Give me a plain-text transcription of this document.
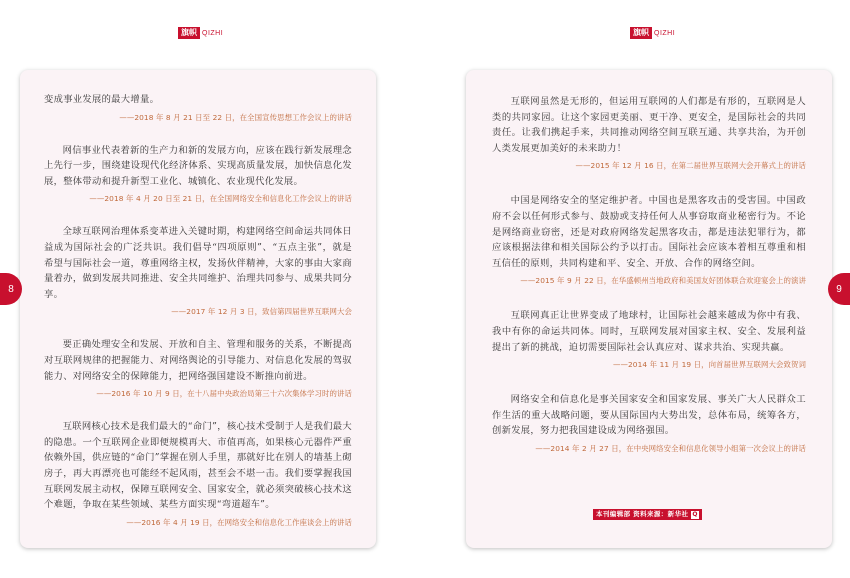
旗帜 QIZHI	旗帜 QIZHI

变成事业发展的最大增量。

——2018 年 8 月 21 日至 22 日，在全国宣传思想工作会议上的讲话

网信事业代表着新的生产力和新的发展方向，应该在践行新发展理念上先行一步，围绕建设现代化经济体系、实现高质量发展，加快信息化发展，整体带动和提升新型工业化、城镇化、农业现代化发展。

——2018 年 4 月 20 日至 21 日，在全国网络安全和信息化工作会议上的讲话

全球互联网治理体系变革进入关键时期，构建网络空间命运共同体日益成为国际社会的广泛共识。我们倡导“四项原则”、“五点主张”，就是希望与国际社会一道，尊重网络主权，发扬伙伴精神，大家的事由大家商量着办，做到发展共同推进、安全共同维护、治理共同参与、成果共同分享。

——2017 年 12 月 3 日，致信第四届世界互联网大会

要正确处理安全和发展、开放和自主、管理和服务的关系，不断提高对互联网规律的把握能力、对网络舆论的引导能力、对信息化发展的驾驭能力、对网络安全的保障能力，把网络强国建设不断推向前进。

——2016 年 10 月 9 日，在十八届中央政治局第三十六次集体学习时的讲话

互联网核心技术是我们最大的“命门”，核心技术受制于人是我们最大的隐患。一个互联网企业即便规模再大、市值再高，如果核心元器件严重依赖外国，供应链的“命门”掌握在别人手里，那就好比在别人的墙基上砌房子，再大再漂亮也可能经不起风雨，甚至会不堪一击。我们要掌握我国互联网发展主动权，保障互联网安全、国家安全，就必须突破核心技术这个难题，争取在某些领域、某些方面实现“弯道超车”。

——2016 年 4 月 19 日，在网络安全和信息化工作座谈会上的讲话

互联网虽然是无形的，但运用互联网的人们都是有形的，互联网是人类的共同家园。让这个家园更美丽、更干净、更安全，是国际社会的共同责任。让我们携起手来，共同推动网络空间互联互通、共享共治，为开创人类发展更加美好的未来助力！

——2015 年 12 月 16 日，在第二届世界互联网大会开幕式上的讲话

中国是网络安全的坚定维护者。中国也是黑客攻击的受害国。中国政府不会以任何形式参与、鼓励或支持任何人从事窃取商业秘密行为。不论是网络商业窃密，还是对政府网络发起黑客攻击，都是违法犯罪行为，都应该根据法律和相关国际公约予以打击。国际社会应该本着相互尊重和相互信任的原则，共同构建和平、安全、开放、合作的网络空间。

——2015 年 9 月 22 日，在华盛顿州当地政府和美国友好团体联合欢迎宴会上的演讲

互联网真正让世界变成了地球村，让国际社会越来越成为你中有我、我中有你的命运共同体。同时，互联网发展对国家主权、安全、发展利益提出了新的挑战，迫切需要国际社会认真应对、谋求共治、实现共赢。

——2014 年 11 月 19 日，向首届世界互联网大会致贺词

网络安全和信息化是事关国家安全和国家发展、事关广大人民群众工作生活的重大战略问题，要从国际国内大势出发，总体布局，统筹各方，创新发展，努力把我国建设成为网络强国。

——2014 年 2 月 27 日，在中央网络安全和信息化领导小组第一次会议上的讲话

本刊编辑部 资料来源：新华社 Q
8	9
